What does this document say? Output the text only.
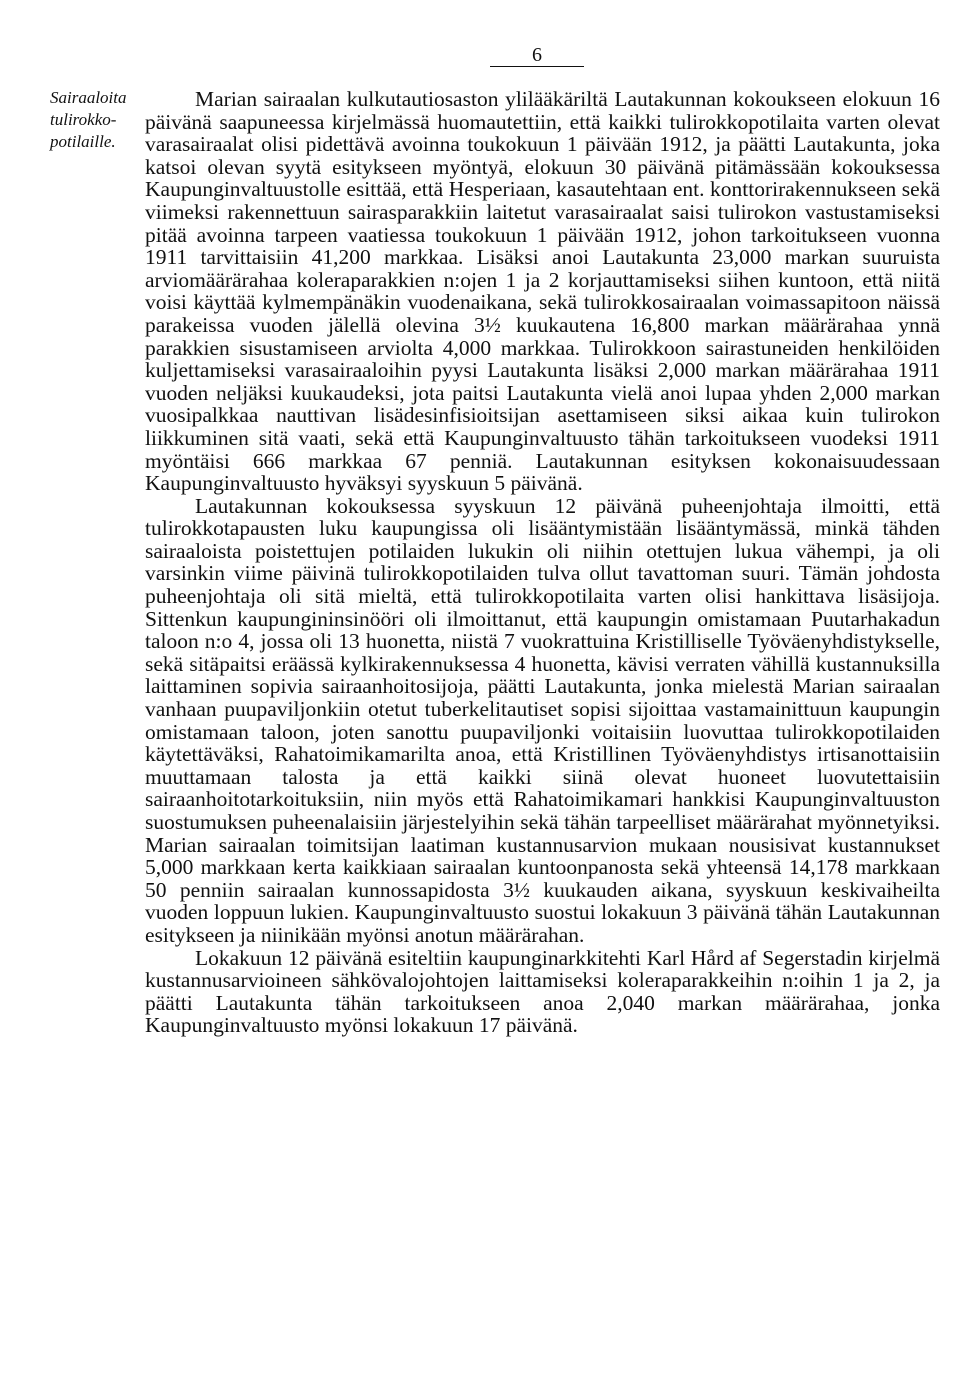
6
Sairaaloita
tulirokko-
potilaille.

Marian sairaalan kulkutautiosaston ylilääkäriltä Lautakunnan kokoukseen elokuun 16 päivänä saapuneessa kirjelmässä huomautettiin, että kaikki tulirokkopotilaita varten olevat varasairaalat olisi pidettävä avoinna toukokuun 1 päivään 1912, ja päätti Lautakunta, joka katsoi olevan syytä esitykseen myöntyä, elokuun 30 päivänä pitämässään kokouksessa Kaupunginvaltuustolle esittää, että Hesperiaan, kasautehtaan ent. konttorirakennukseen sekä viimeksi rakennettuun sairasparakkiin laitetut varasairaalat saisi tulirokon vastustamiseksi pitää avoinna tarpeen vaatiessa toukokuun 1 päivään 1912, johon tarkoitukseen vuonna 1911 tarvittaisiin 41,200 markkaa. Lisäksi anoi Lautakunta 23,000 markan suuruista arviomäärärahaa koleraparakkien n:ojen 1 ja 2 korjauttamiseksi siihen kuntoon, että niitä voisi käyttää kylmempänäkin vuodenaikana, sekä tulirokkosairaalan voimassapitoon näissä parakeissa vuoden jälellä olevina 3½ kuukautena 16,800 markan määrärahaa ynnä parakkien sisustamiseen arviolta 4,000 markkaa. Tulirokkoon sairastuneiden henkilöiden kuljettamiseksi varasairaaloihin pyysi Lautakunta lisäksi 2,000 markan määrärahaa 1911 vuoden neljäksi kuukaudeksi, jota paitsi Lautakunta vielä anoi lupaa yhden 2,000 markan vuosipalkkaa nauttivan lisädesinfisioitsijan asettamiseen siksi aikaa kuin tulirokon liikkuminen sitä vaati, sekä että Kaupunginvaltuusto tähän tarkoitukseen vuodeksi 1911 myöntäisi 666 markkaa 67 penniä. Lautakunnan esityksen kokonaisuudessaan Kaupunginvaltuusto hyväksyi syyskuun 5 päivänä.

Lautakunnan kokouksessa syyskuun 12 päivänä puheenjohtaja ilmoitti, että tulirokkotapausten luku kaupungissa oli lisääntymistään lisääntymässä, minkä tähden sairaaloista poistettujen potilaiden lukukin oli niihin otettujen lukua vähempi, ja oli varsinkin viime päivinä tulirokkopotilaiden tulva ollut tavattoman suuri. Tämän johdosta puheenjohtaja oli sitä mieltä, että tulirokkopotilaita varten olisi hankittava lisäsijoja. Sittenkun kaupungininsinööri oli ilmoittanut, että kaupungin omistamaan Puutarhakadun taloon n:o 4, jossa oli 13 huonetta, niistä 7 vuokrattuina Kristilliselle Työväenyhdistykselle, sekä sitäpaitsi eräässä kylkirakennuksessa 4 huonetta, kävisi verraten vähillä kustannuksilla laittaminen sopivia sairaanhoitosijoja, päätti Lautakunta, jonka mielestä Marian sairaalan vanhaan puupaviljonkiin otetut tuberkelitautiset sopisi sijoittaa vastamainittuun kaupungin omistamaan taloon, joten sanottu puupaviljonki voitaisiin luovuttaa tulirokkopotilaiden käytettäväksi, Rahatoimikamarilta anoa, että Kristillinen Työväenyhdistys irtisanottaisiin muuttamaan talosta ja että kaikki siinä olevat huoneet luovutettaisiin sairaanhoitotarkoituksiin, niin myös että Rahatoimikamari hankkisi Kaupunginvaltuuston suostumuksen puheenalaisiin järjestelyihin sekä tähän tarpeelliset määrärahat myönnetyiksi. Marian sairaalan toimitsijan laatiman kustannusarvion mukaan nousisivat kustannukset 5,000 markkaan kerta kaikkiaan sairaalan kuntoonpanosta sekä yhteensä 14,178 markkaan 50 penniin sairaalan kunnossapidosta 3½ kuukauden aikana, syyskuun keskivaiheilta vuoden loppuun lukien. Kaupunginvaltuusto suostui lokakuun 3 päivänä tähän Lautakunnan esitykseen ja niinikään myönsi anotun määrärahan.

Lokakuun 12 päivänä esiteltiin kaupunginarkkitehti Karl Hård af Segerstadin kirjelmä kustannusarvioineen sähkövalojohtojen laittamiseksi koleraparakkeihin n:oihin 1 ja 2, ja päätti Lautakunta tähän tarkoitukseen anoa 2,040 markan määrärahaa, jonka Kaupunginvaltuusto myönsi lokakuun 17 päivänä.
